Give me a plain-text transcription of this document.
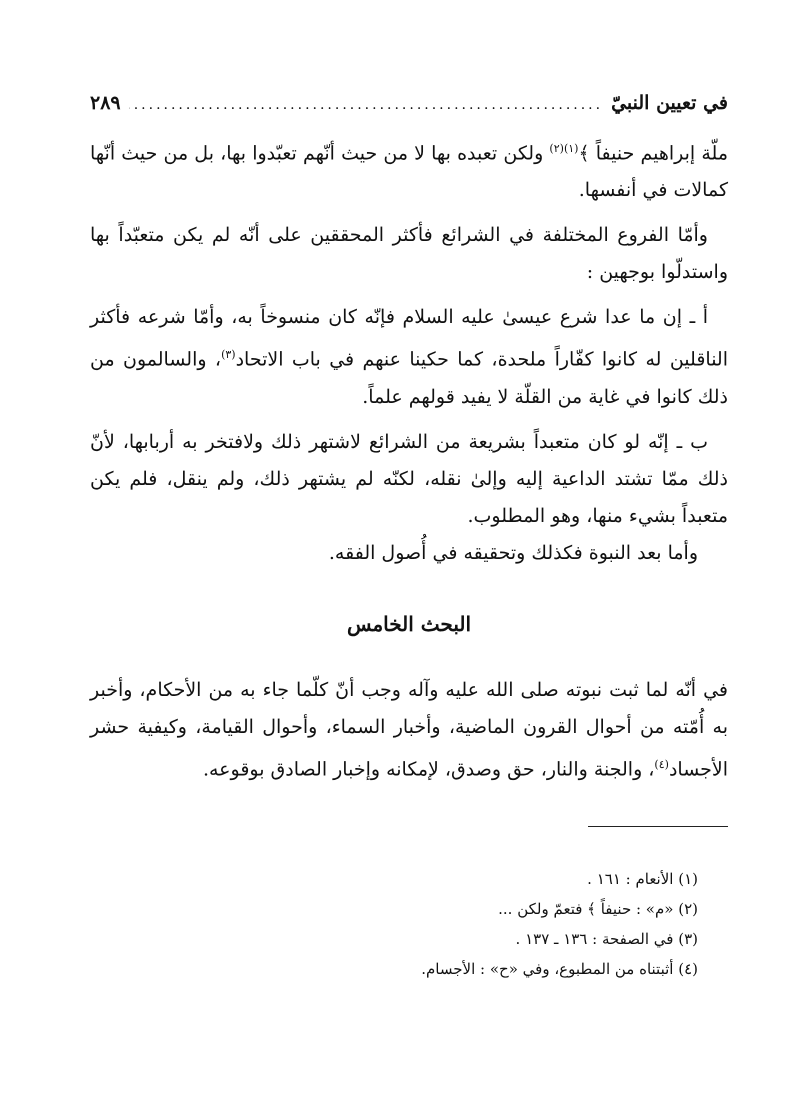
في تعيين النبيّ
.....
٢٨٩

ملّة إبراهيم حنيفاً ﴾$^{(١)(٢)}$ ولكن تعبده بها لا من حيث أنّهم تعبّدوا بها، بل من حيث أنّها كمالات في أنفسها.

وأمّا الفروع المختلفة في الشرائع فأكثر المحققين على أنّه لم يكن متعبّداً بها واستدلّوا بوجهين :

أ ـ إن ما عدا شرع عيسىٰ عليه السلام فإنّه كان منسوخاً به، وأمّا شرعه فأكثر الناقلين له كانوا كفّاراً ملحدة، كما حكينا عنهم في باب الاتحاد$^{(٣)}$، والسالمون من ذلك كانوا في غاية من القلّة لا يفيد قولهم علماً.

ب ـ إنّه لو كان متعبداً بشريعة من الشرائع لاشتهر ذلك ولافتخر به أربابها، لأنّ ذلك ممّا تشتد الداعية إليه وإلىٰ نقله، لكنّه لم يشتهر ذلك، ولم ينقل، فلم يكن متعبداً بشيء منها، وهو المطلوب.

وأما بعد النبوة فكذلك وتحقيقه في أُصول الفقه.

البحث الخامس

في أنّه لما ثبت نبوته صلى الله عليه وآله وجب أنّ كلّما جاء به من الأحكام، وأخبر به أُمّته من أحوال القرون الماضية، وأخبار السماء، وأحوال القيامة، وكيفية حشر الأجساد$^{(٤)}$، والجنة والنار، حق وصدق، لإمكانه وإخبار الصادق بوقوعه.

(١) الأنعام : ١٦١ .
(٢) «م» : حنيفاً ﴾ فتعمّ ولكن ...
(٣) في الصفحة : ١٣٦ ـ ١٣٧ .
(٤) أثبتناه من المطبوع، وفي «ح» : الأجسام.
